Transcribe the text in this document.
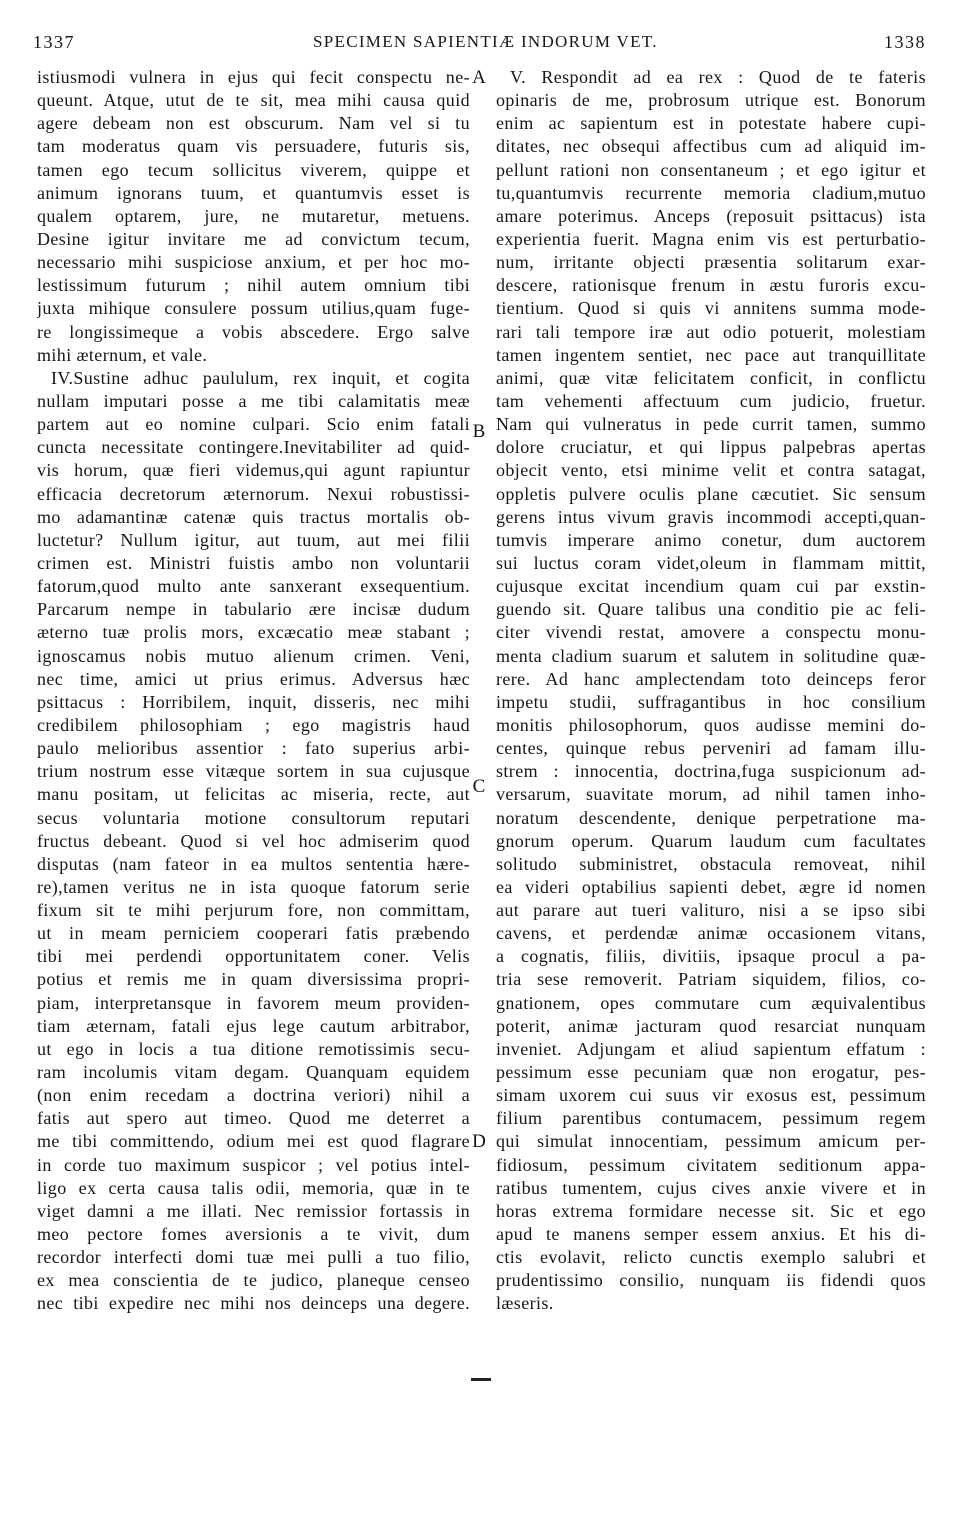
1337	SPECIMEN SAPIENTIÆ INDORUM VET.	1338
istiusmodi vulnera in ejus qui fecit conspectu ne-
queunt. Atque, utut de te sit, mea mihi causa quid
agere debeam non est obscurum. Nam vel si tu
tam moderatus quam vis persuadere, futuris sis,
tamen ego tecum sollicitus viverem, quippe et
animum ignorans tuum, et quantumvis esset is
qualem optarem, jure, ne mutaretur, metuens.
Desine igitur invitare me ad convictum tecum,
necessario mihi suspiciose anxium, et per hoc mo-
lestissimum futurum ; nihil autem omnium tibi
juxta mihique consulere possum utilius,quam fuge-
re longissimeque a vobis abscedere. Ergo salve
mihi æternum, et vale.
IV.Sustine adhuc paululum, rex inquit, et cogita
nullam imputari posse a me tibi calamitatis meæ
partem aut eo nomine culpari. Scio enim fatali
cuncta necessitate contingere.Inevitabiliter ad quid-
vis horum, quæ fieri videmus,qui agunt rapiuntur
efficacia decretorum æternorum. Nexui robustissi-
mo adamantinæ catenæ quis tractus mortalis ob-
luctetur? Nullum igitur, aut tuum, aut mei filii
crimen est. Ministri fuistis ambo non voluntarii
fatorum,quod multo ante sanxerant exsequentium.
Parcarum nempe in tabulario ære incisæ dudum
æterno tuæ prolis mors, excæcatio meæ stabant ;
ignoscamus nobis mutuo alienum crimen. Veni,
nec time, amici ut prius erimus. Adversus hæc
psittacus : Horribilem, inquit, disseris, nec mihi
credibilem philosophiam ; ego magistris haud
paulo melioribus assentior : fato superius arbi-
trium nostrum esse vitæque sortem in sua cujusque
manu positam, ut felicitas ac miseria, recte, aut
secus voluntaria motione consultorum reputari
fructus debeant. Quod si vel hoc admiserim quod
disputas (nam fateor in ea multos sententia hære-
re),tamen veritus ne in ista quoque fatorum serie
fixum sit te mihi perjurum fore, non committam,
ut in meam perniciem cooperari fatis præbendo
tibi mei perdendi opportunitatem coner. Velis
potius et remis me in quam diversissima propri-
piam, interpretansque in favorem meum providen-
tiam æternam, fatali ejus lege cautum arbitrabor,
ut ego in locis a tua ditione remotissimis secu-
ram incolumis vitam degam. Quanquam equidem
(non enim recedam a doctrina veriori) nihil a
fatis aut spero aut timeo. Quod me deterret a
me tibi committendo, odium mei est quod flagrare
in corde tuo maximum suspicor ; vel potius intel-
ligo ex certa causa talis odii, memoria, quæ in te
viget damni a me illati. Nec remissior fortassis in
meo pectore fomes aversionis a te vivit, dum
recordor interfecti domi tuæ mei pulli a tuo filio,
ex mea conscientia de te judico, planeque censeo
nec tibi expedire nec mihi nos deinceps una degere.
V. Respondit ad ea rex : Quod de te fateris
opinaris de me, probrosum utrique est. Bonorum
enim ac sapientum est in potestate habere cupi-
ditates, nec obsequi affectibus cum ad aliquid im-
pellunt rationi non consentaneum ; et ego igitur et
tu,quantumvis recurrente memoria cladium,mutuo
amare poterimus. Anceps (reposuit psittacus) ista
experientia fuerit. Magna enim vis est perturbatio-
num, irritante objecti præsentia solitarum exar-
descere, rationisque frenum in æstu furoris excu-
tientium. Quod si quis vi annitens summa mode-
rari tali tempore iræ aut odio potuerit, molestiam
tamen ingentem sentiet, nec pace aut tranquillitate
animi, quæ vitæ felicitatem conficit, in conflictu
tam vehementi affectuum cum judicio, fruetur.
Nam qui vulneratus in pede currit tamen, summo
dolore cruciatur, et qui lippus palpebras apertas
objecit vento, etsi minime velit et contra satagat,
oppletis pulvere oculis plane cæcutiet. Sic sensum
gerens intus vivum gravis incommodi accepti,quan-
tumvis imperare animo conetur, dum auctorem
sui luctus coram videt,oleum in flammam mittit,
cujusque excitat incendium quam cui par exstin-
guendo sit. Quare talibus una conditio pie ac feli-
citer vivendi restat, amovere a conspectu monu-
menta cladium suarum et salutem in solitudine quæ-
rere. Ad hanc amplectendam toto deinceps feror
impetu studii, suffragantibus in hoc consilium
monitis philosophorum, quos audisse memini do-
centes, quinque rebus perveniri ad famam illu-
strem : innocentia, doctrina,fuga suspicionum ad-
versarum, suavitate morum, ad nihil tamen inho-
noratum descendente, denique perpetratione ma-
gnorum operum. Quarum laudum cum facultates
solitudo subministret, obstacula removeat, nihil
ea videri optabilius sapienti debet, ægre id nomen
aut parare aut tueri valituro, nisi a se ipso sibi
cavens, et perdendæ animæ occasionem vitans,
a cognatis, filiis, divitiis, ipsaque procul a pa-
tria sese removerit. Patriam siquidem, filios, co-
gnationem, opes commutare cum æquivalentibus
poterit, animæ jacturam quod resarciat nunquam
inveniet. Adjungam et aliud sapientum effatum :
pessimum esse pecuniam quæ non erogatur, pes-
simam uxorem cui suus vir exosus est, pessimum
filium parentibus contumacem, pessimum regem
qui simulat innocentiam, pessimum amicum per-
fidiosum, pessimum civitatem seditionum appa-
ratibus tumentem, cujus cives anxie vivere et in
horas extrema formidare necesse sit. Sic et ego
apud te manens semper essem anxius. Et his di-
ctis evolavit, relicto cunctis exemplo salubri et
prudentissimo consilio, nunquam iis fidendi quos
læseris.
A
B
C
D
